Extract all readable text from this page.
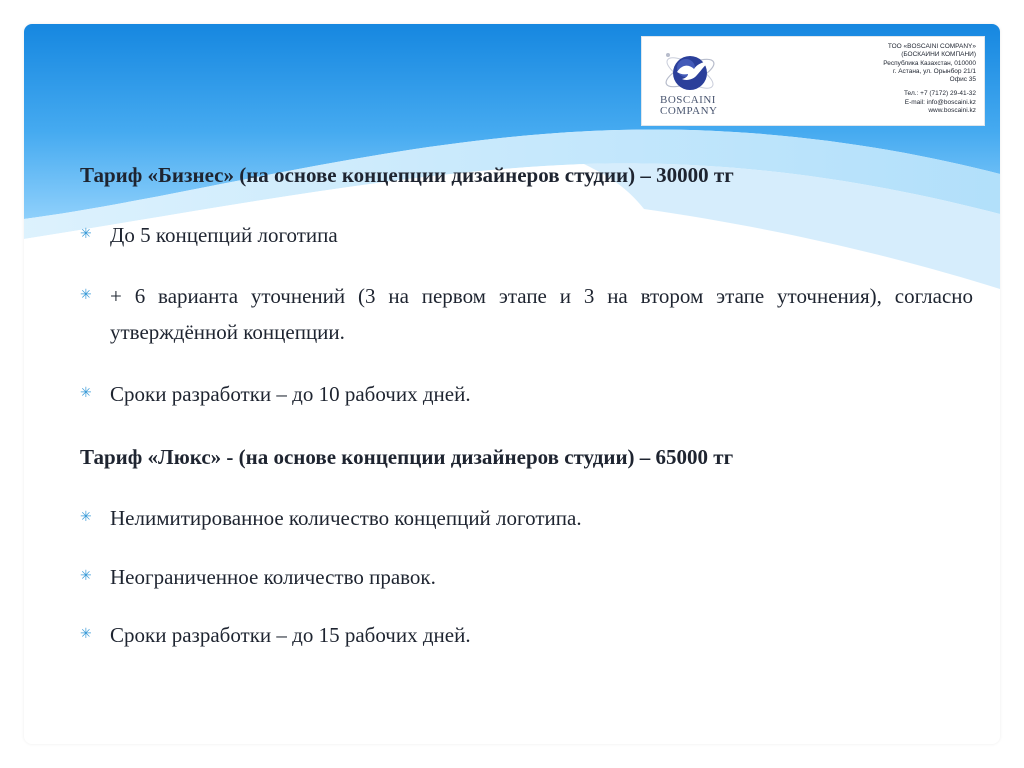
BOSCAINI
COMPANY
ТОО «BOSCAINI COMPANY»
(БОСКАИНИ КОМПАНИ)
Республика Казахстан, 010000
г. Астана, ул. Орынбор 21/1
Офис 35
Тел.: +7 (7172) 29-41-32
E-mail: info@boscaini.kz
www.boscaini.kz
Тариф «Бизнес» (на основе концепции дизайнеров студии) – 30000 тг
✳ До 5 концепций логотипа
✳ + 6 варианта уточнений (3 на первом этапе и 3 на втором этапе уточнения), согласно утверждённой концепции.
✳ Сроки разработки – до 10 рабочих дней.
Тариф «Люкс» - (на основе концепции дизайнеров студии) – 65000 тг
✳ Нелимитированное количество концепций логотипа.
✳ Неограниченное количество правок.
✳ Сроки разработки – до 15 рабочих дней.
